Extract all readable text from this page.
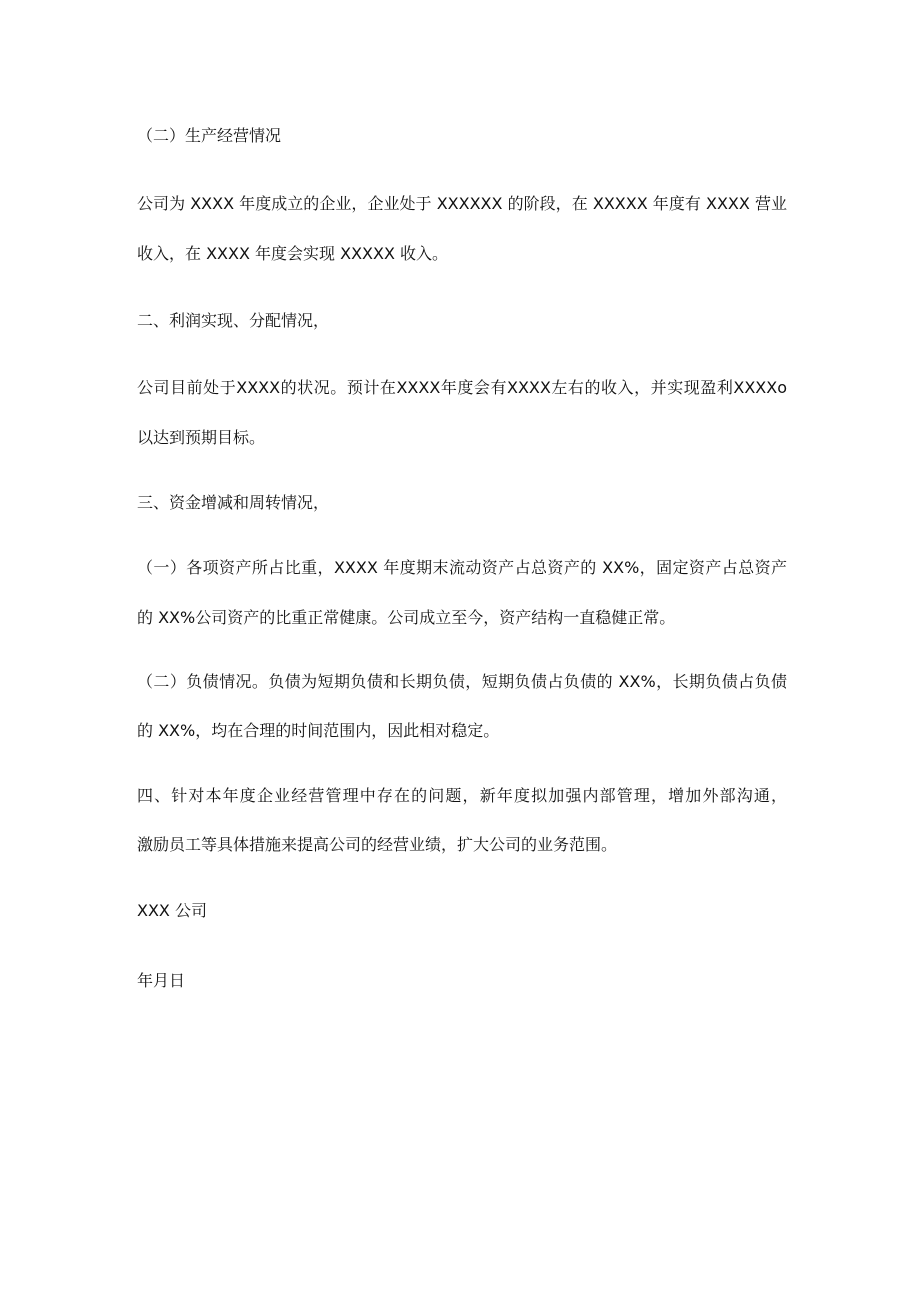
（二）生产经营情况
公司为 XXXX 年度成立的企业，企业处于 XXXXXX 的阶段，在 XXXXX 年度有 XXXX 营业
收入，在 XXXX 年度会实现 XXXXX 收入。
二、利润实现、分配情况，
公司目前处于XXXX的状况。预计在XXXX年度会有XXXX左右的收入，并实现盈利XXXXo
以达到预期目标。
三、资金增减和周转情况，
（一）各项资产所占比重，XXXX 年度期末流动资产占总资产的 XX%，固定资产占总资产
的 XX%公司资产的比重正常健康。公司成立至今，资产结构一直稳健正常。
（二）负债情况。负债为短期负债和长期负债，短期负债占负债的 XX%，长期负债占负债
的 XX%，均在合理的时间范围内，因此相对稳定。
四、针对本年度企业经营管理中存在的问题，新年度拟加强内部管理，增加外部沟通，
激励员工等具体措施来提高公司的经营业绩，扩大公司的业务范围。
XXX 公司
年月日
